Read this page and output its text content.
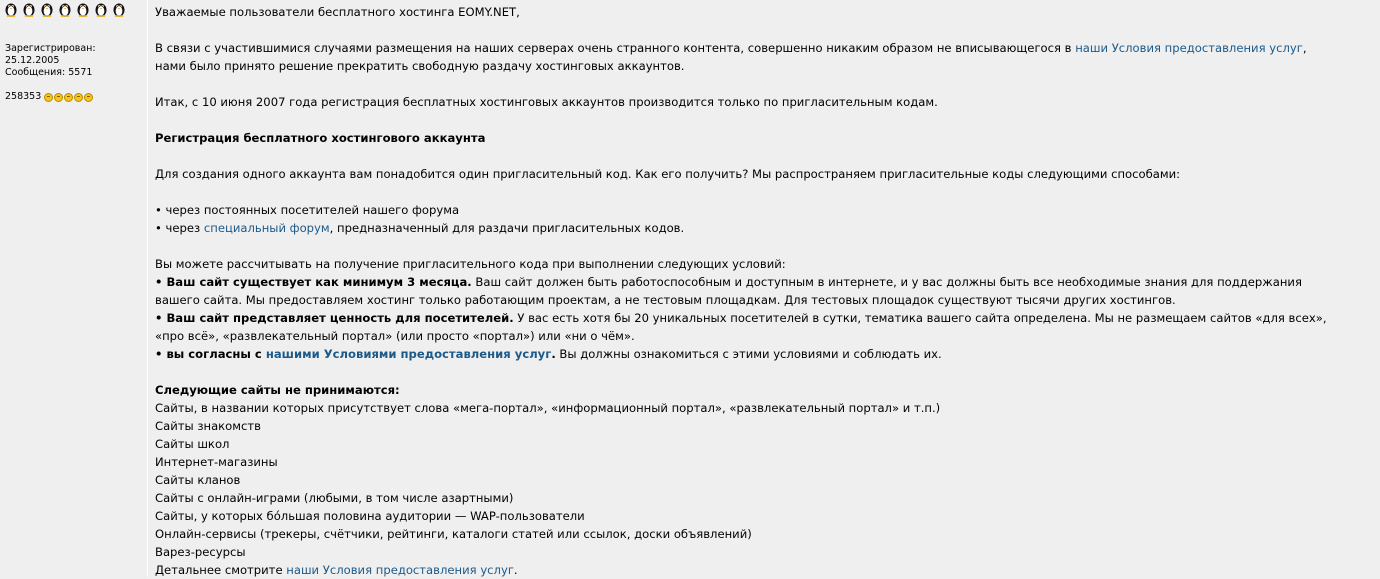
Зарегистрирован:
25.12.2005
Сообщения: 5571
258353

Уважаемые пользователи бесплатного хостинга EOMY.NET,

В связи с участившимися случаями размещения на наших серверах очень странного контента, совершенно никаким образом не вписывающегося в наши Условия предоставления услуг,

нами было принято решение прекратить свободную раздачу хостинговых аккаунтов.

Итак, с 10 июня 2007 года регистрация бесплатных хостинговых аккаунтов производится только по пригласительным кодам.

Регистрация бесплатного хостингового аккаунта

Для создания одного аккаунта вам понадобится один пригласительный код. Как его получить? Мы распространяем пригласительные коды следующими способами:

• через постоянных посетителей нашего форума

• через специальный форум, предназначенный для раздачи пригласительных кодов.

Вы можете рассчитывать на получение пригласительного кода при выполнении следующих условий:

• Ваш сайт существует как минимум 3 месяца. Ваш сайт должен быть работоспособным и доступным в интернете, и у вас должны быть все необходимые знания для поддержания

вашего сайта. Мы предоставляем хостинг только работающим проектам, а не тестовым площадкам. Для тестовых площадок существуют тысячи других хостингов.

• Ваш сайт представляет ценность для посетителей. У вас есть хотя бы 20 уникальных посетителей в сутки, тематика вашего сайта определена. Мы не размещаем сайтов «для всех»,

«про всё», «развлекательный портал» (или просто «портал») или «ни о чём».

• вы согласны с нашими Условиями предоставления услуг. Вы должны ознакомиться с этими условиями и соблюдать их.

Следующие сайты не принимаются:

Сайты, в названии которых присутствует слова «мега-портал», «информационный портал», «развлекательный портал» и т.п.)

Сайты знакомств

Сайты школ

Интернет-магазины

Сайты кланов

Сайты с онлайн-играми (любыми, в том числе азартными)

Сайты, у которых бóльшая половина аудитории — WAP-пользователи

Онлайн-сервисы (трекеры, счётчики, рейтинги, каталоги статей или ссылок, доски объявлений)

Варез-ресурсы

Детальнее смотрите наши Условия предоставления услуг.
